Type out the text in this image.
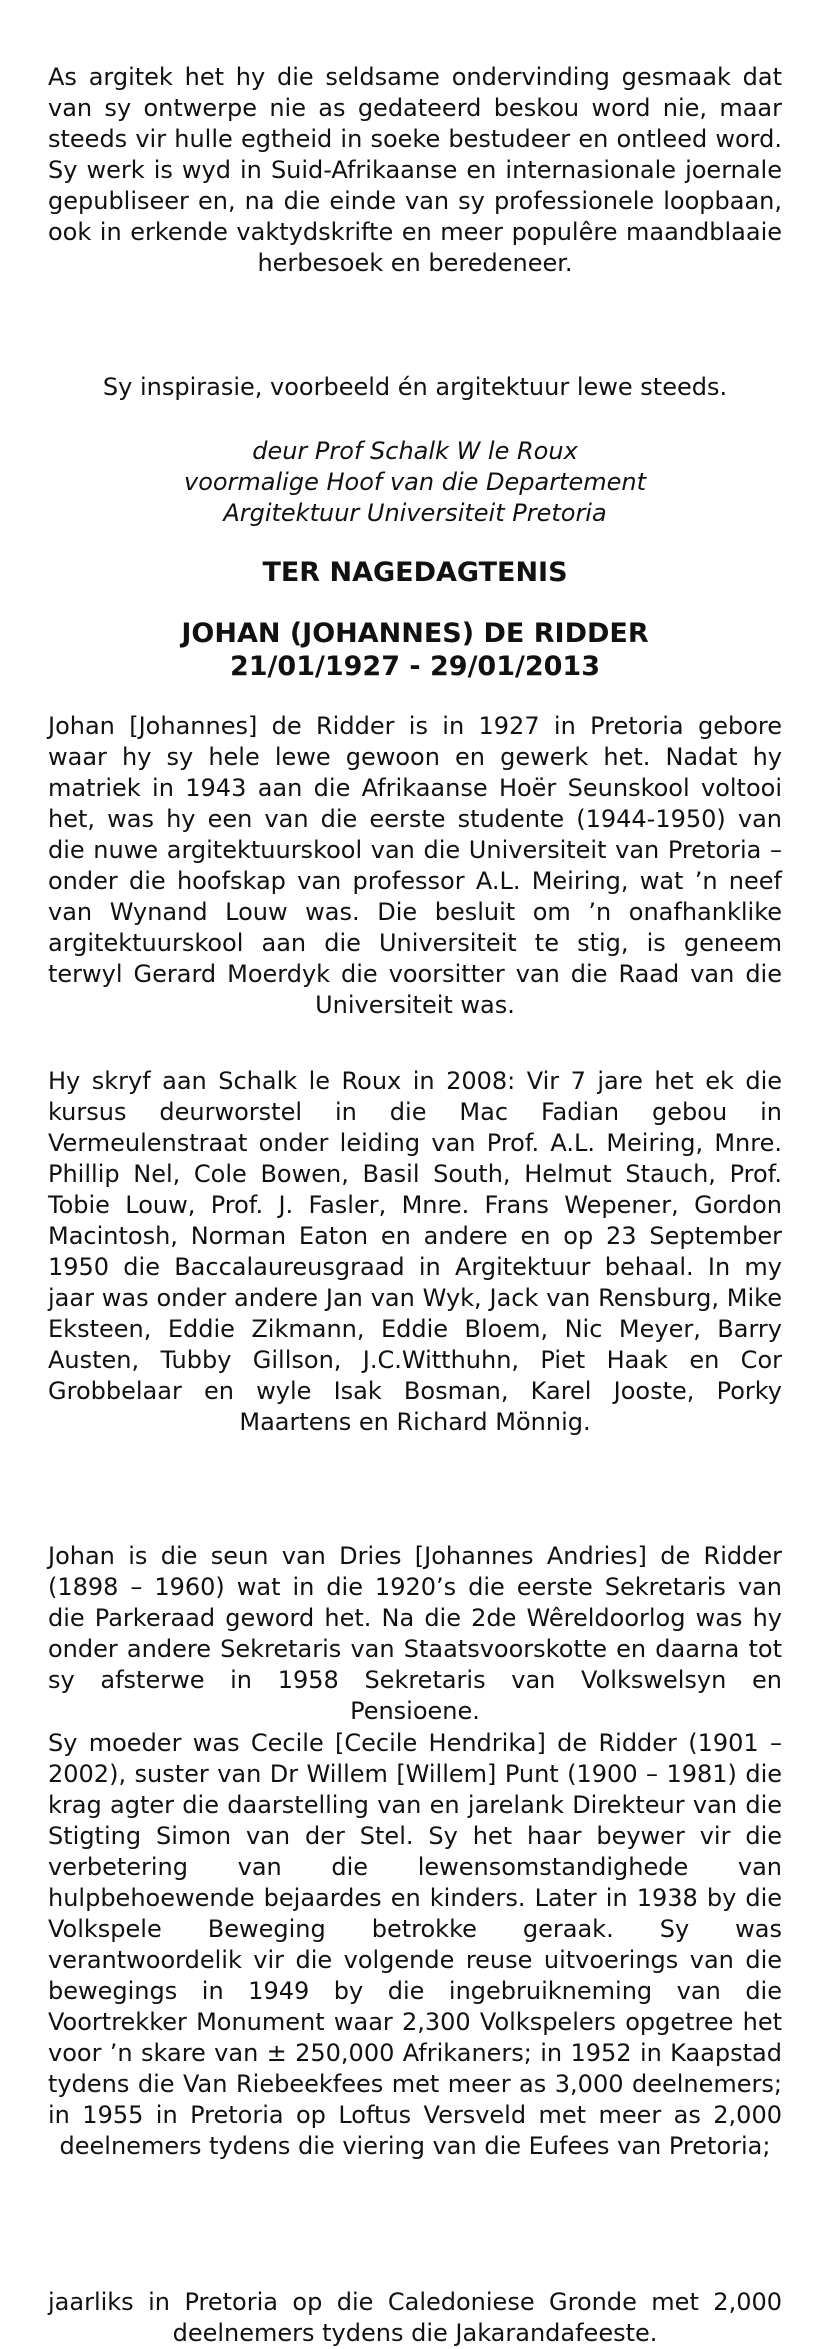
As argitek het hy die seldsame ondervinding gesmaak dat van sy ontwerpe nie as gedateerd beskou word nie, maar steeds vir hulle egtheid in soeke bestudeer en ontleed word. Sy werk is wyd in Suid-Afrikaanse en internasionale joernale gepubliseer en, na die einde van sy professionele loopbaan, ook in erkende vaktydskrifte en meer populêre maandblaaie herbesoek en beredeneer.

Sy inspirasie, voorbeeld én argitektuur lewe steeds.

deur Prof Schalk W le Roux

voormalige Hoof van die Departement

Argitektuur Universiteit Pretoria

TER NAGEDAGTENIS

JOHAN (JOHANNES) DE RIDDER

21/01/1927 - 29/01/2013

Johan [Johannes] de Ridder is in 1927 in Pretoria gebore waar hy sy hele lewe gewoon en gewerk het. Nadat hy matriek in 1943 aan die Afrikaanse Hoër Seunskool voltooi het, was hy een van die eerste studente (1944-1950) van die nuwe argitektuurskool van die Universiteit van Pretoria – onder die hoofskap van professor A.L. Meiring, wat ’n neef van Wynand Louw was. Die besluit om ’n onafhanklike argitektuurskool aan die Universiteit te stig, is geneem terwyl Gerard Moerdyk die voorsitter van die Raad van die Universiteit was.

Hy skryf aan Schalk le Roux in 2008: Vir 7 jare het ek die kursus deurworstel in die Mac Fadian gebou in Vermeulenstraat onder leiding van Prof. A.L. Meiring, Mnre. Phillip Nel, Cole Bowen, Basil South, Helmut Stauch, Prof. Tobie Louw, Prof. J. Fasler, Mnre. Frans Wepener, Gordon Macintosh, Norman Eaton en andere en op 23 September 1950 die Baccalaureusgraad in Argitektuur behaal. In my jaar was onder andere Jan van Wyk, Jack van Rensburg, Mike Eksteen, Eddie Zikmann, Eddie Bloem, Nic Meyer, Barry Austen, Tubby Gillson, J.C.Witthuhn, Piet Haak en Cor Grobbelaar en wyle Isak Bosman, Karel Jooste, Porky Maartens en Richard Mönnig.

Johan is die seun van Dries [Johannes Andries] de Ridder (1898 – 1960) wat in die 1920’s die eerste Sekretaris van die Parkeraad geword het. Na die 2de Wêreldoorlog was hy onder andere Sekretaris van Staatsvoorskotte en daarna tot sy afsterwe in 1958 Sekretaris van Volkswelsyn en Pensioene.

Sy moeder was Cecile [Cecile Hendrika] de Ridder (1901 – 2002), suster van Dr Willem [Willem] Punt (1900 – 1981) die krag agter die daarstelling van en jarelank Direkteur van die Stigting Simon van der Stel. Sy het haar beywer vir die verbetering van die lewensomstandighede van hulpbehoewende bejaardes en kinders. Later in 1938 by die Volkspele Beweging betrokke geraak. Sy was verantwoordelik vir die volgende reuse uitvoerings van die bewegings in 1949 by die ingebruikneming van die Voortrekker Monument waar 2,300 Volkspelers opgetree het voor ’n skare van ± 250,000 Afrikaners; in 1952 in Kaapstad tydens die Van Riebeekfees met meer as 3,000 deelnemers; in 1955 in Pretoria op Loftus Versveld met meer as 2,000 deelnemers tydens die viering van die Eufees van Pretoria;

jaarliks in Pretoria op die Caledoniese Gronde met 2,000 deelnemers tydens die Jakarandafeeste.
